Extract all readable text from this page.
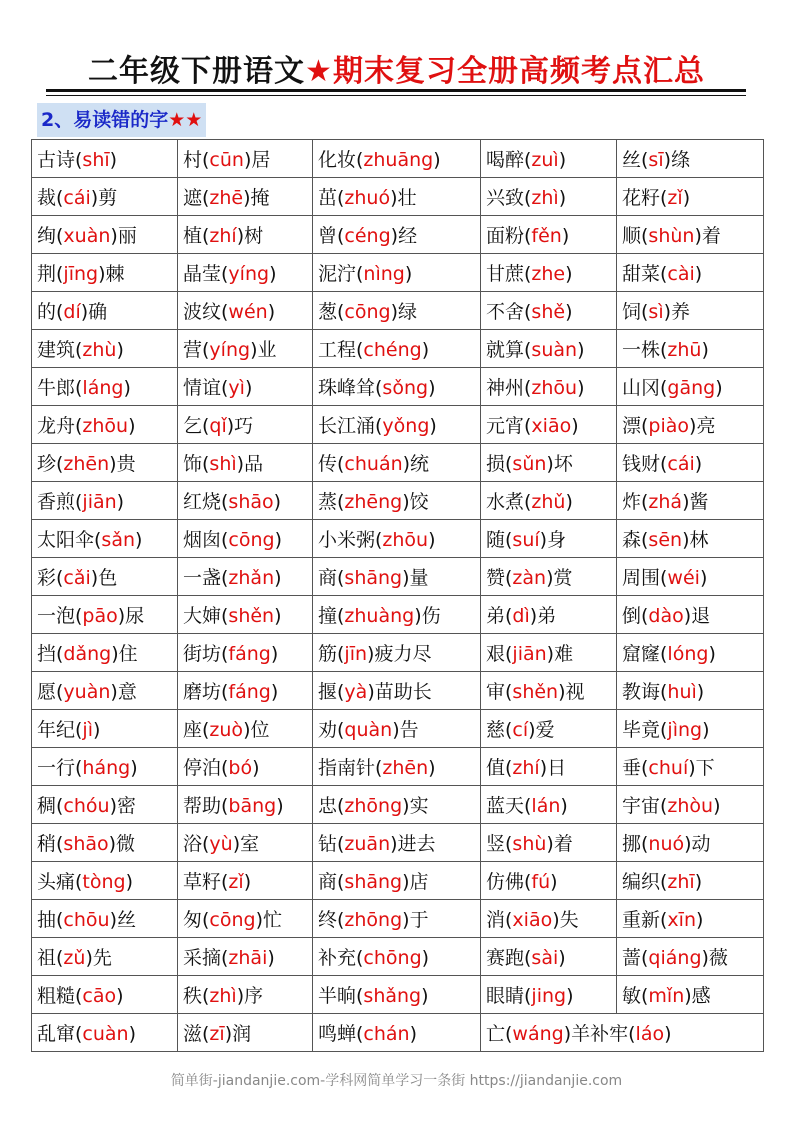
二年级下册语文★期末复习全册高频考点汇总
2、易读错的字★★
古诗(shī)	村(cūn)居	化妆(zhuāng)	喝醉(zuì)	丝(sī)绦
裁(cái)剪	遮(zhē)掩	茁(zhuó)壮	兴致(zhì)	花籽(zǐ)
绚(xuàn)丽	植(zhí)树	曾(céng)经	面粉(fěn)	顺(shùn)着
荆(jīng)棘	晶莹(yíng)	泥泞(nìng)	甘蔗(zhe)	甜菜(cài)
的(dí)确	波纹(wén)	葱(cōng)绿	不舍(shě)	饲(sì)养
建筑(zhù)	营(yíng)业	工程(chéng)	就算(suàn)	一株(zhū)
牛郎(láng)	情谊(yì)	珠峰耸(sǒng)	神州(zhōu)	山冈(gāng)
龙舟(zhōu)	乞(qǐ)巧	长江涌(yǒng)	元宵(xiāo)	漂(piào)亮
珍(zhēn)贵	饰(shì)品	传(chuán)统	损(sǔn)坏	钱财(cái)
香煎(jiān)	红烧(shāo)	蒸(zhēng)饺	水煮(zhǔ)	炸(zhá)酱
太阳伞(sǎn)	烟囱(cōng)	小米粥(zhōu)	随(suí)身	森(sēn)林
彩(cǎi)色	一盏(zhǎn)	商(shāng)量	赞(zàn)赏	周围(wéi)
一泡(pāo)尿	大婶(shěn)	撞(zhuàng)伤	弟(dì)弟	倒(dào)退
挡(dǎng)住	街坊(fáng)	筋(jīn)疲力尽	艰(jiān)难	窟窿(lóng)
愿(yuàn)意	磨坊(fáng)	揠(yà)苗助长	审(shěn)视	教诲(huì)
年纪(jì)	座(zuò)位	劝(quàn)告	慈(cí)爱	毕竟(jìng)
一行(háng)	停泊(bó)	指南针(zhēn)	值(zhí)日	垂(chuí)下
稠(chóu)密	帮助(bāng)	忠(zhōng)实	蓝天(lán)	宇宙(zhòu)
稍(shāo)微	浴(yù)室	钻(zuān)进去	竖(shù)着	挪(nuó)动
头痛(tòng)	草籽(zǐ)	商(shāng)店	仿佛(fú)	编织(zhī)
抽(chōu)丝	匆(cōng)忙	终(zhōng)于	消(xiāo)失	重新(xīn)
祖(zǔ)先	采摘(zhāi)	补充(chōng)	赛跑(sài)	蔷(qiáng)薇
粗糙(cāo)	秩(zhì)序	半晌(shǎng)	眼睛(jing)	敏(mǐn)感
乱窜(cuàn)	滋(zī)润	鸣蝉(chán)	亡(wáng)羊补牢(láo)	
简单街-jiandanjie.com-学科网简单学习一条街 https://jiandanjie.com
